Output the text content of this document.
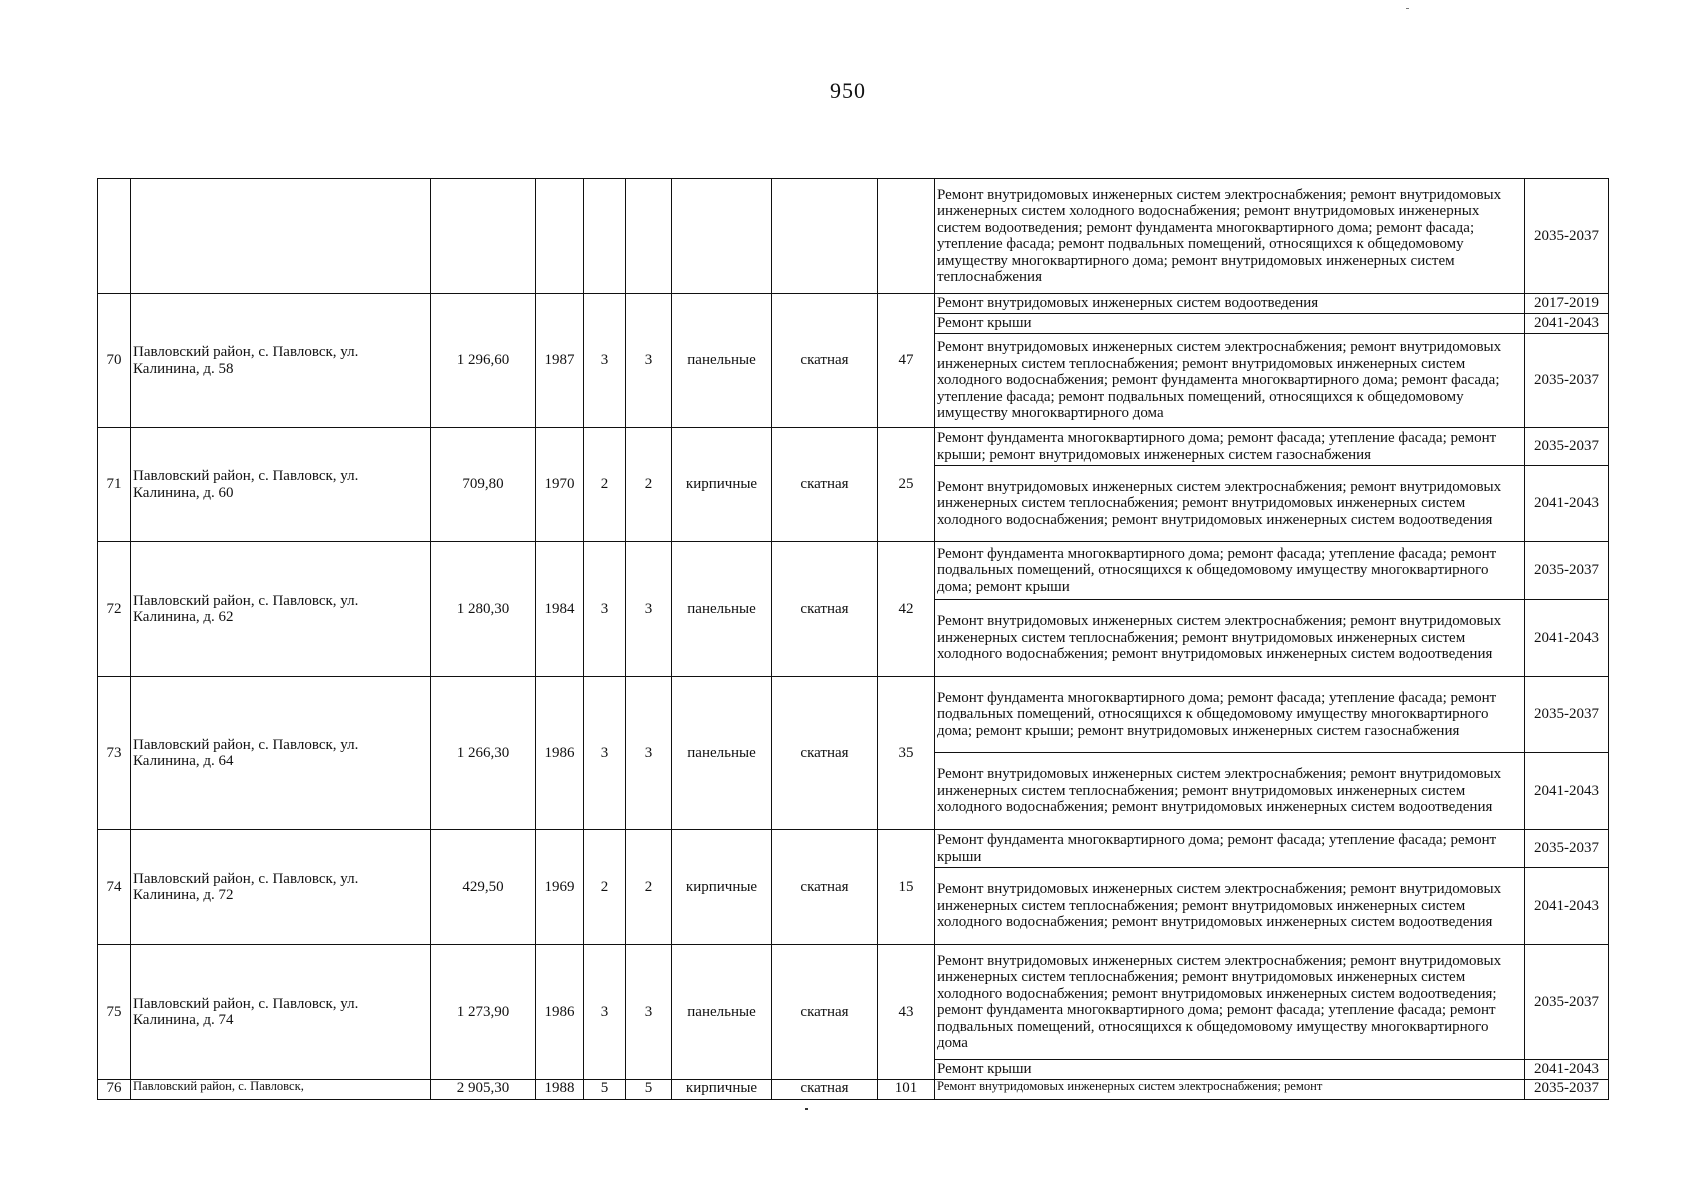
950
									Ремонт внутридомовых инженерных систем электроснабжения; ремонт внутридомовых инженерных систем холодного водоснабжения; ремонт внутридомовых инженерных систем водоотведения; ремонт фундамента многоквартирного дома; ремонт фасада; утепление фасада; ремонт подвальных помещений, относящихся к общедомовому имуществу многоквартирного дома; ремонт внутридомовых инженерных систем теплоснабжения	2035-2037
70	Павловский район, с. Павловск, ул. Калинина, д. 58	1 296,60	1987	3	3	панельные	скатная	47	Ремонт внутридомовых инженерных систем водоотведения	2017-2019
									Ремонт крыши	2041-2043
									Ремонт внутридомовых инженерных систем электроснабжения; ремонт внутридомовых инженерных систем теплоснабжения; ремонт внутридомовых инженерных систем холодного водоснабжения; ремонт фундамента многоквартирного дома; ремонт фасада; утепление фасада; ремонт подвальных помещений, относящихся к общедомовому имуществу многоквартирного дома	2035-2037
71	Павловский район, с. Павловск, ул. Калинина, д. 60	709,80	1970	2	2	кирпичные	скатная	25	Ремонт фундамента многоквартирного дома; ремонт фасада; утепление фасада; ремонт крыши; ремонт внутридомовых инженерных систем газоснабжения	2035-2037
									Ремонт внутридомовых инженерных систем электроснабжения; ремонт внутридомовых инженерных систем теплоснабжения; ремонт внутридомовых инженерных систем холодного водоснабжения; ремонт внутридомовых инженерных систем водоотведения	2041-2043
72	Павловский район, с. Павловск, ул. Калинина, д. 62	1 280,30	1984	3	3	панельные	скатная	42	Ремонт фундамента многоквартирного дома; ремонт фасада; утепление фасада; ремонт подвальных помещений, относящихся к общедомовому имуществу многоквартирного дома; ремонт крыши	2035-2037
									Ремонт внутридомовых инженерных систем электроснабжения; ремонт внутридомовых инженерных систем теплоснабжения; ремонт внутридомовых инженерных систем холодного водоснабжения; ремонт внутридомовых инженерных систем водоотведения	2041-2043
73	Павловский район, с. Павловск, ул. Калинина, д. 64	1 266,30	1986	3	3	панельные	скатная	35	Ремонт фундамента многоквартирного дома; ремонт фасада; утепление фасада; ремонт подвальных помещений, относящихся к общедомовому имуществу многоквартирного дома; ремонт крыши; ремонт внутридомовых инженерных систем газоснабжения	2035-2037
									Ремонт внутридомовых инженерных систем электроснабжения; ремонт внутридомовых инженерных систем теплоснабжения; ремонт внутридомовых инженерных систем холодного водоснабжения; ремонт внутридомовых инженерных систем водоотведения	2041-2043
74	Павловский район, с. Павловск, ул. Калинина, д. 72	429,50	1969	2	2	кирпичные	скатная	15	Ремонт фундамента многоквартирного дома; ремонт фасада; утепление фасада; ремонт крыши	2035-2037
									Ремонт внутридомовых инженерных систем электроснабжения; ремонт внутридомовых инженерных систем теплоснабжения; ремонт внутридомовых инженерных систем холодного водоснабжения; ремонт внутридомовых инженерных систем водоотведения	2041-2043
75	Павловский район, с. Павловск, ул. Калинина, д. 74	1 273,90	1986	3	3	панельные	скатная	43	Ремонт внутридомовых инженерных систем электроснабжения; ремонт внутридомовых инженерных систем теплоснабжения; ремонт внутридомовых инженерных систем холодного водоснабжения; ремонт внутридомовых инженерных систем водоотведения; ремонт фундамента многоквартирного дома; ремонт фасада; утепление фасада; ремонт подвальных помещений, относящихся к общедомовому имуществу многоквартирного дома	2035-2037
									Ремонт крыши	2041-2043
76	Павловский район, с. Павловск,	2 905,30	1988	5	5	кирпичные	скатная	101	Ремонт внутридомовых инженерных систем электроснабжения; ремонт	2035-2037
